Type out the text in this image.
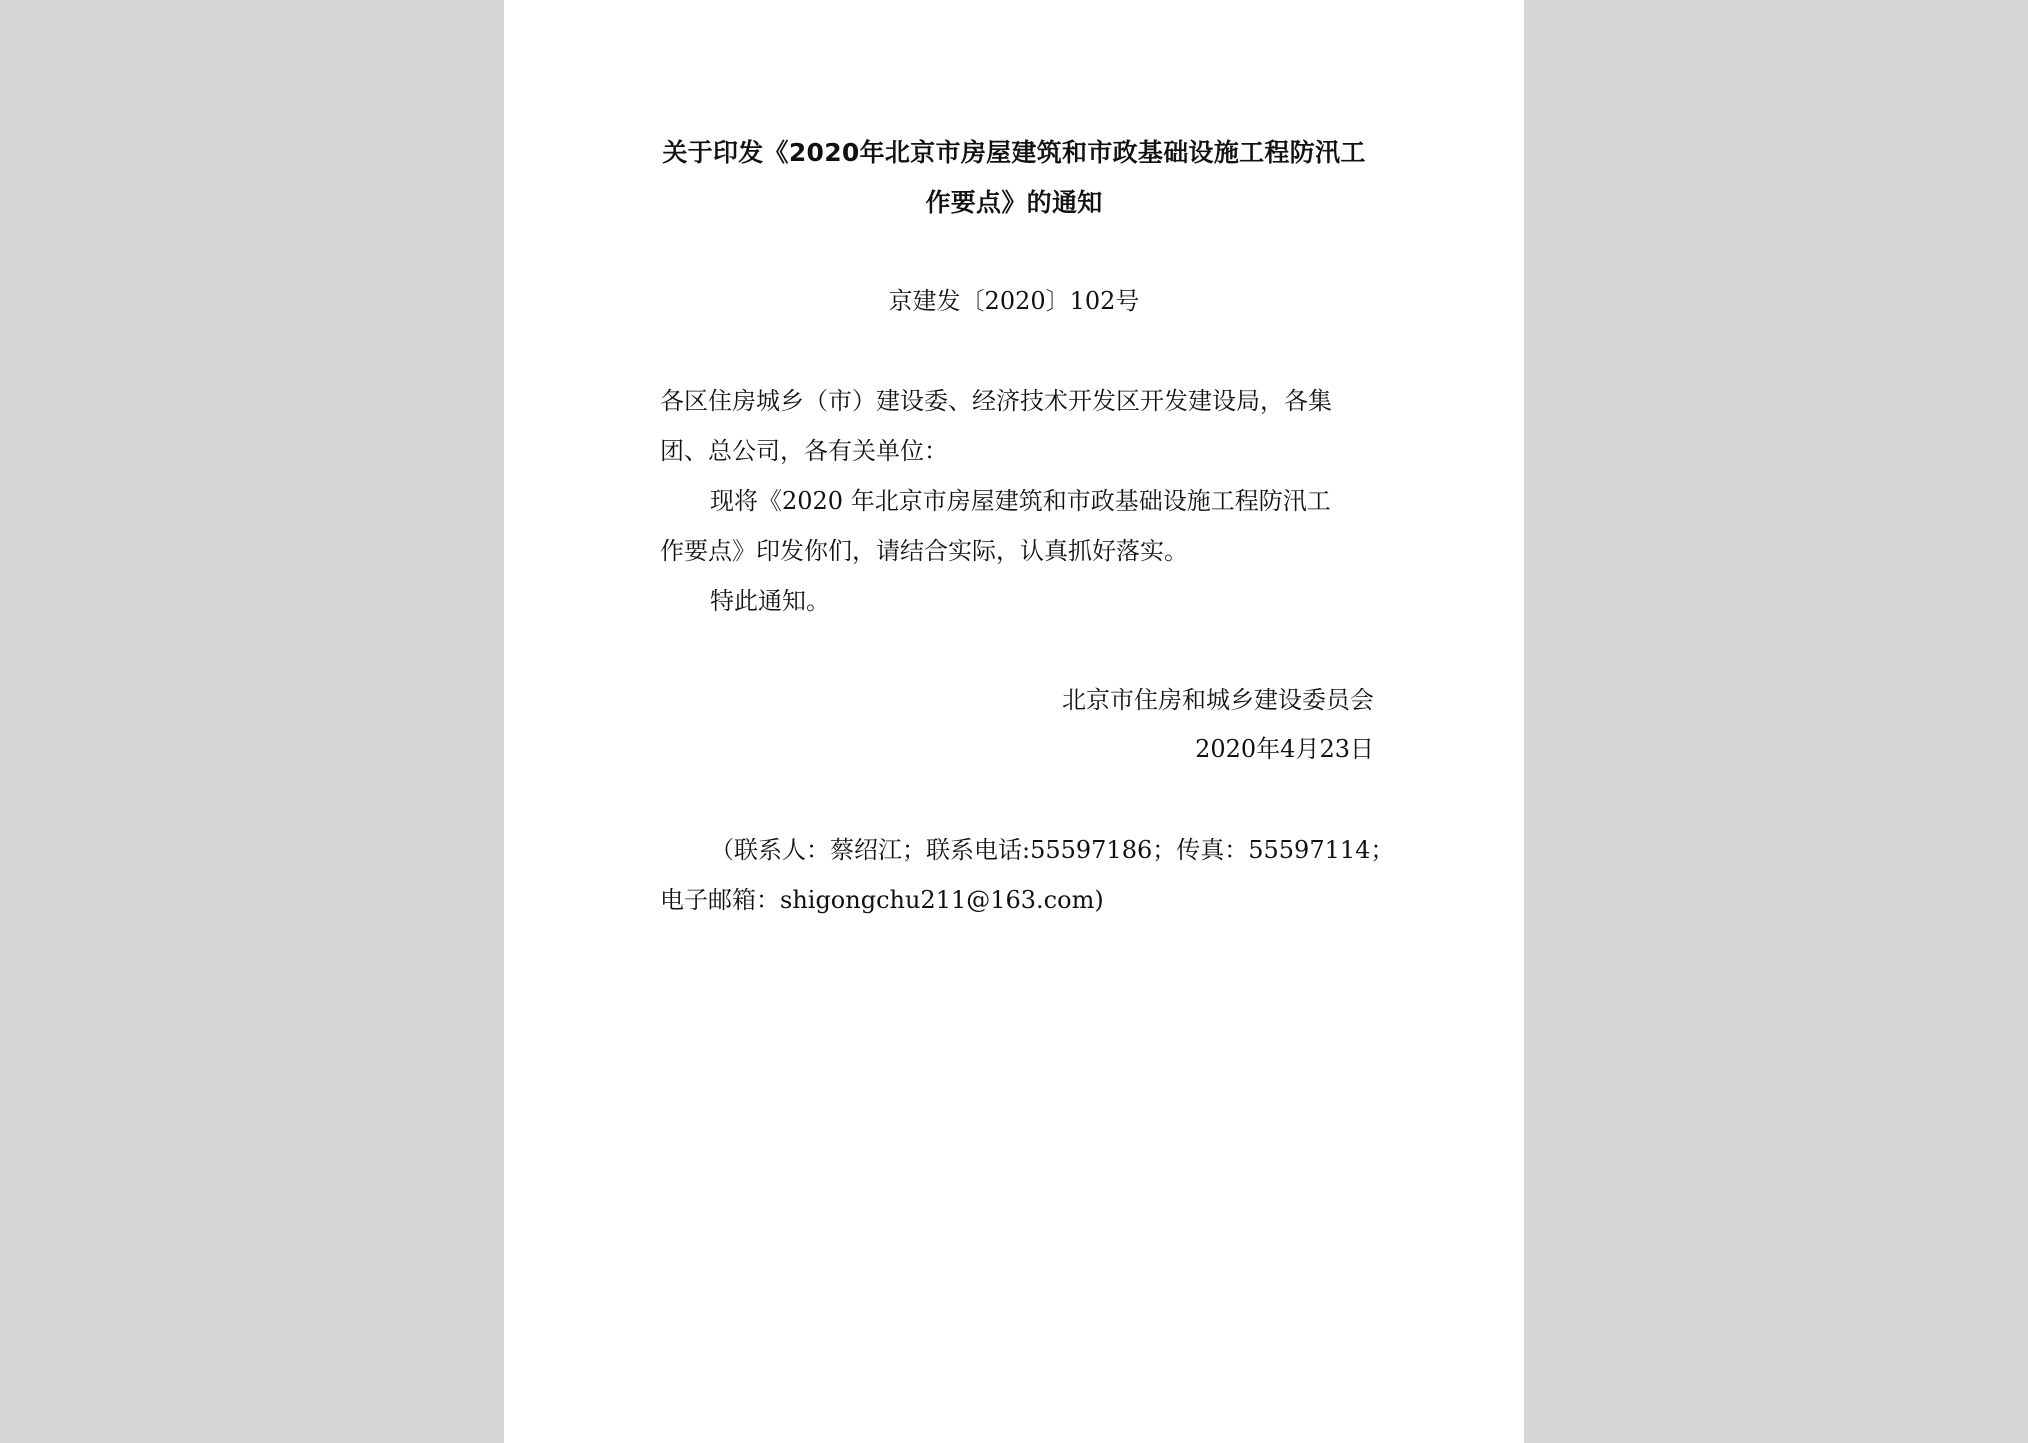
关于印发《2020年北京市房屋建筑和市政基础设施工程防汛工

作要点》的通知

京建发〔2020〕102号

各区住房城乡（市）建设委、经济技术开发区开发建设局，各集

团、总公司，各有关单位：

现将《2020 年北京市房屋建筑和市政基础设施工程防汛工

作要点》印发你们，请结合实际，认真抓好落实。

特此通知。

北京市住房和城乡建设委员会

2020年4月23日

（联系人：蔡绍江；联系电话:55597186；传真：55597114；

电子邮箱：shigongchu211@163.com)
